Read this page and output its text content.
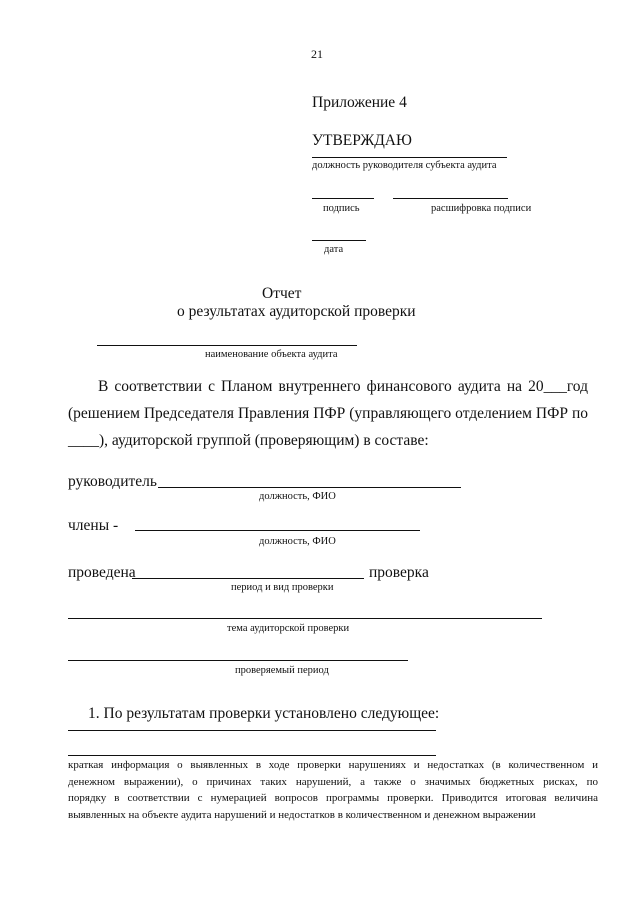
21
Приложение 4
УТВЕРЖДАЮ
должность руководителя субъекта аудита
подпись	расшифровка подписи
дата
Отчет
о результатах аудиторской проверки
наименование объекта аудита
В соответствии с Планом внутреннего финансового аудита на 20___год
(решением Председателя Правления ПФР (управляющего отделением ПФР по
____), аудиторской группой (проверяющим) в составе:
руководитель
должность, ФИО
члены -
должность, ФИО
проведена	проверка
период и вид проверки
тема аудиторской проверки
проверяемый период
1. По результатам проверки установлено следующее:
краткая информация о выявленных в ходе проверки нарушениях и недостатках (в количественном и
денежном выражении), о причинах таких нарушений, а также о значимых бюджетных рисках, по
порядку в соответствии с нумерацией вопросов программы проверки. Приводится итоговая величина
выявленных на объекте аудита нарушений и недостатков в количественном и денежном выражении
